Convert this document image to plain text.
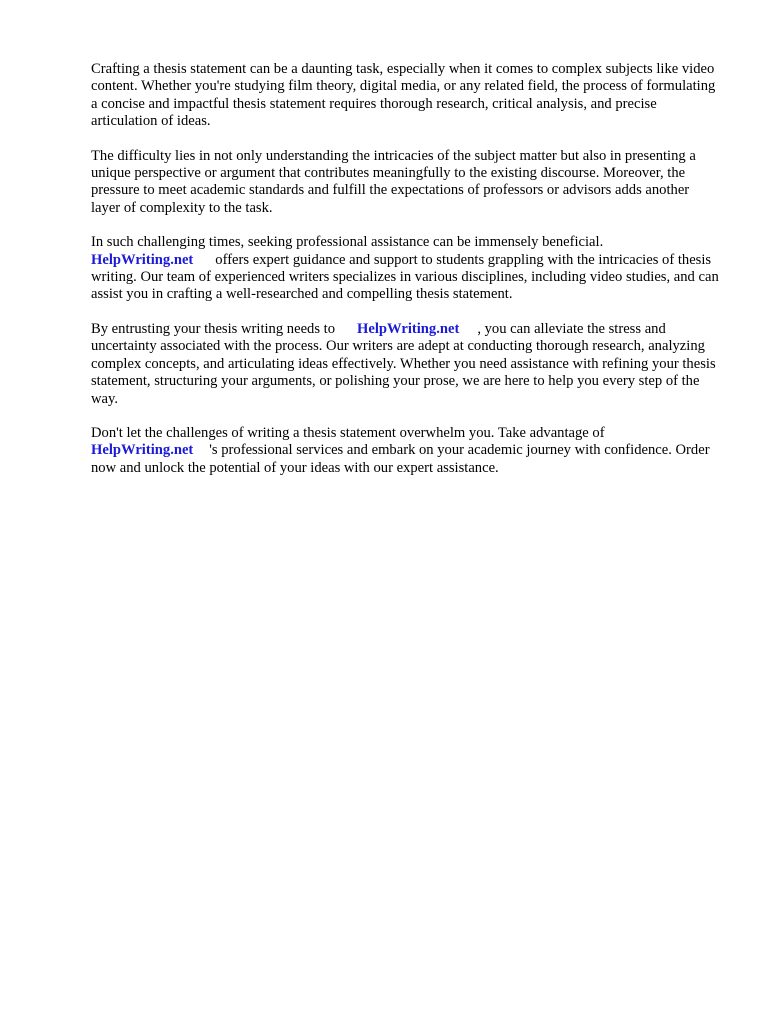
Crafting a thesis statement can be a daunting task, especially when it comes to complex subjects like video content. Whether you're studying film theory, digital media, or any related field, the process of formulating a concise and impactful thesis statement requires thorough research, critical analysis, and precise articulation of ideas.

The difficulty lies in not only understanding the intricacies of the subject matter but also in presenting a unique perspective or argument that contributes meaningfully to the existing discourse. Moreover, the pressure to meet academic standards and fulfill the expectations of professors or advisors adds another layer of complexity to the task.

In such challenging times, seeking professional assistance can be immensely beneficial.
HelpWriting.net offers expert guidance and support to students grappling with the intricacies of thesis writing. Our team of experienced writers specializes in various disciplines, including video studies, and can assist you in crafting a well-researched and compelling thesis statement.

By entrusting your thesis writing needs to HelpWriting.net , you can alleviate the stress and uncertainty associated with the process. Our writers are adept at conducting thorough research, analyzing complex concepts, and articulating ideas effectively. Whether you need assistance with refining your thesis statement, structuring your arguments, or polishing your prose, we are here to help you every step of the way.

Don't let the challenges of writing a thesis statement overwhelm you. Take advantage of
HelpWriting.net 's professional services and embark on your academic journey with confidence. Order now and unlock the potential of your ideas with our expert assistance.
